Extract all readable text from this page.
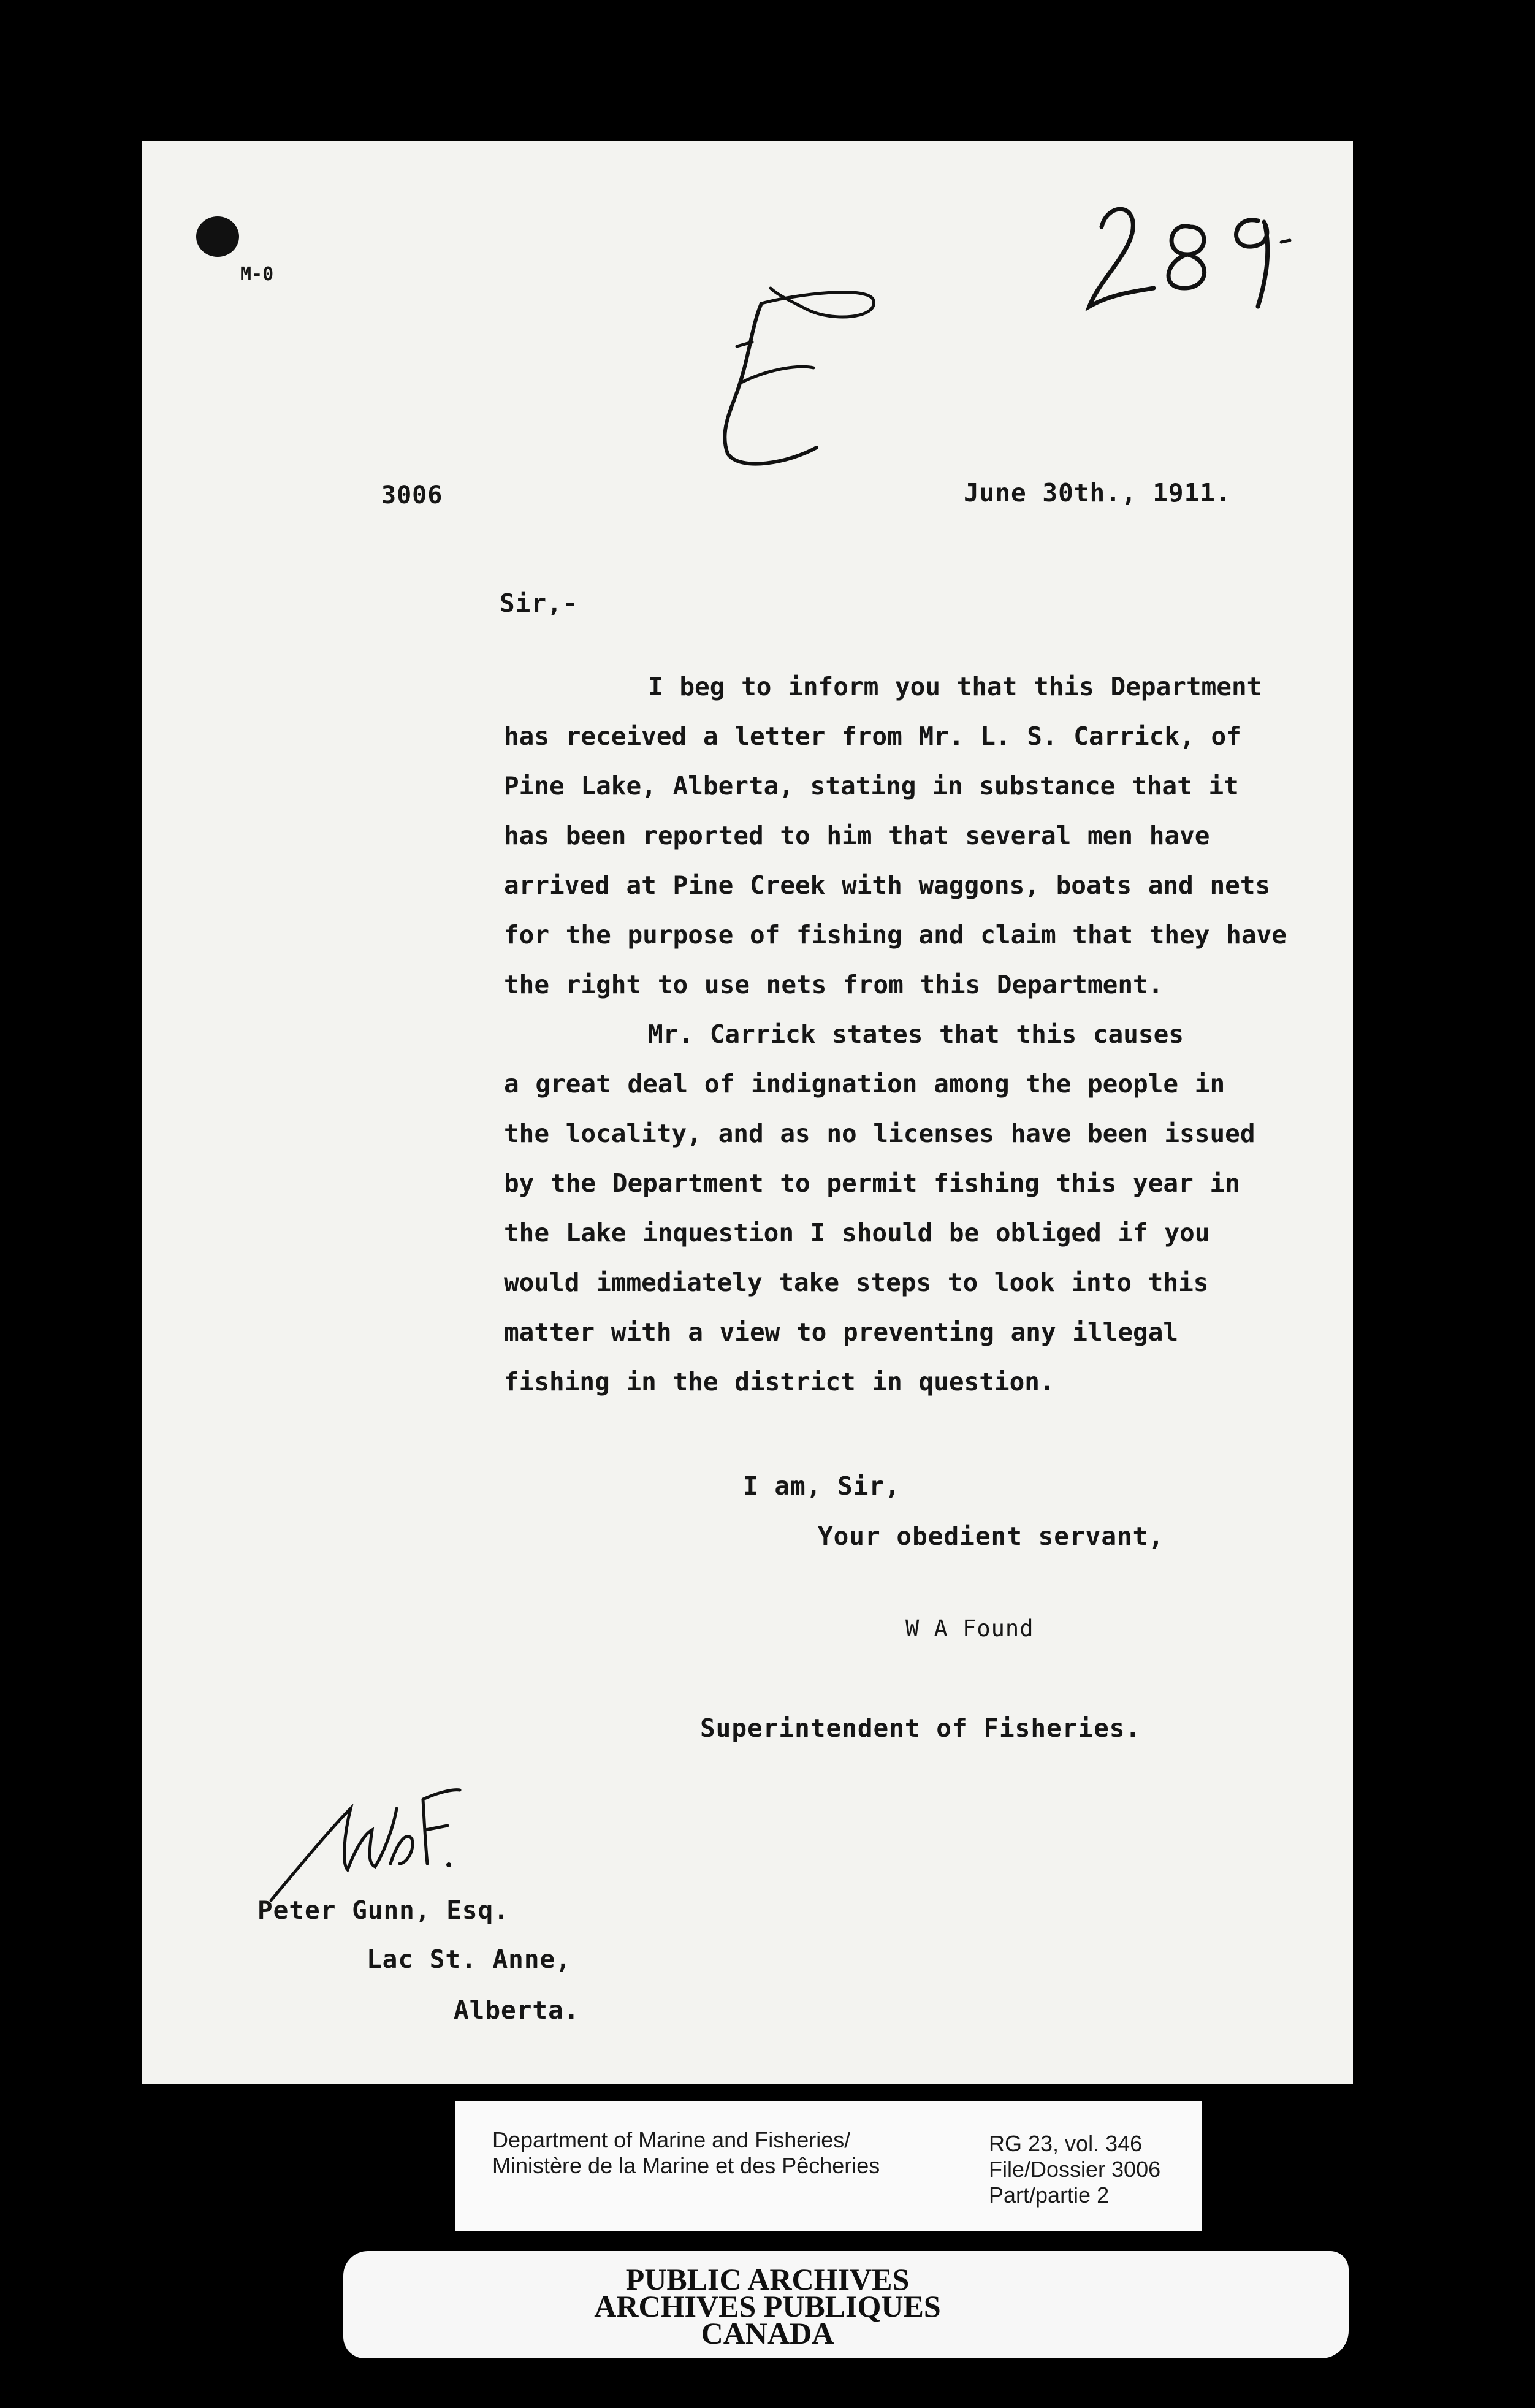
M-0

3006	June 30th., 1911.

Sir,-

I beg to inform you that this Department
has received a letter from Mr. L. S. Carrick, of
Pine Lake, Alberta, stating in substance that it
has been reported to him that several men have
arrived at Pine Creek with waggons, boats and nets
for the purpose of fishing and claim that they have
the right to use nets from this Department.
Mr. Carrick states that this causes
a great deal of indignation among the people in
the locality, and as no licenses have been issued
by the Department to permit fishing this year in
the Lake inquestion I should be obliged if you
would immediately take steps to look into this
matter with a view to preventing any illegal
fishing in the district in question.

I am, Sir,

Your obedient servant,

W A Found

Superintendent of Fisheries.

Peter Gunn, Esq.

Lac St. Anne,

Alberta.

Department of Marine and Fisheries/
Ministère de la Marine et des Pêcheries
RG 23, vol. 346
File/Dossier 3006
Part/partie 2
PUBLIC ARCHIVES
ARCHIVES PUBLIQUES
CANADA
